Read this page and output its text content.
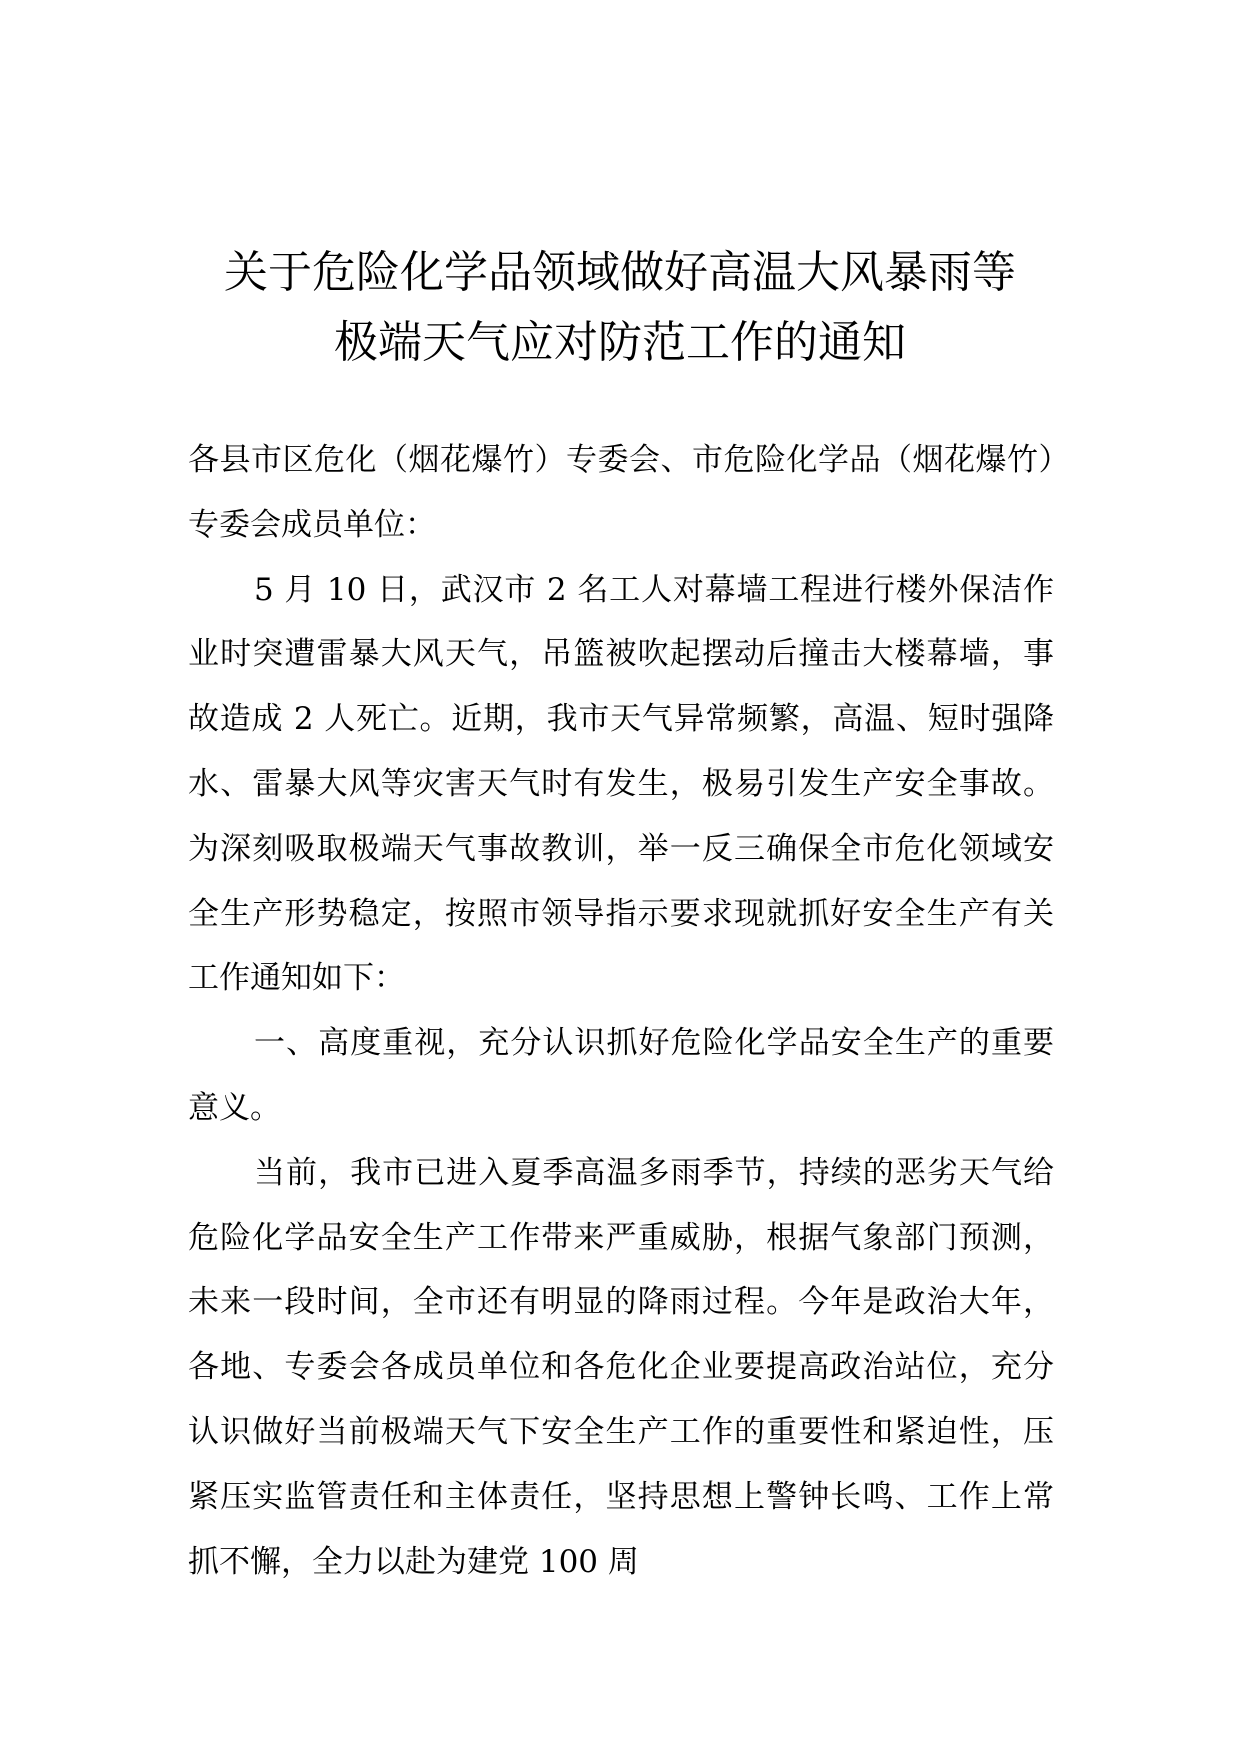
关于危险化学品领域做好高温大风暴雨等
极端天气应对防范工作的通知

各县市区危化（烟花爆竹）专委会、市危险化学品（烟花爆竹）专委会成员单位：

5 月 10 日，武汉市 2 名工人对幕墙工程进行楼外保洁作业时突遭雷暴大风天气，吊篮被吹起摆动后撞击大楼幕墙，事故造成 2 人死亡。近期，我市天气异常频繁，高温、短时强降水、雷暴大风等灾害天气时有发生，极易引发生产安全事故。为深刻吸取极端天气事故教训，举一反三确保全市危化领域安全生产形势稳定，按照市领导指示要求现就抓好安全生产有关工作通知如下：

一、高度重视，充分认识抓好危险化学品安全生产的重要意义。

当前，我市已进入夏季高温多雨季节，持续的恶劣天气给危险化学品安全生产工作带来严重威胁，根据气象部门预测，未来一段时间，全市还有明显的降雨过程。今年是政治大年，各地、专委会各成员单位和各危化企业要提高政治站位，充分认识做好当前极端天气下安全生产工作的重要性和紧迫性，压紧压实监管责任和主体责任，坚持思想上警钟长鸣、工作上常抓不懈，全力以赴为建党 100 周
